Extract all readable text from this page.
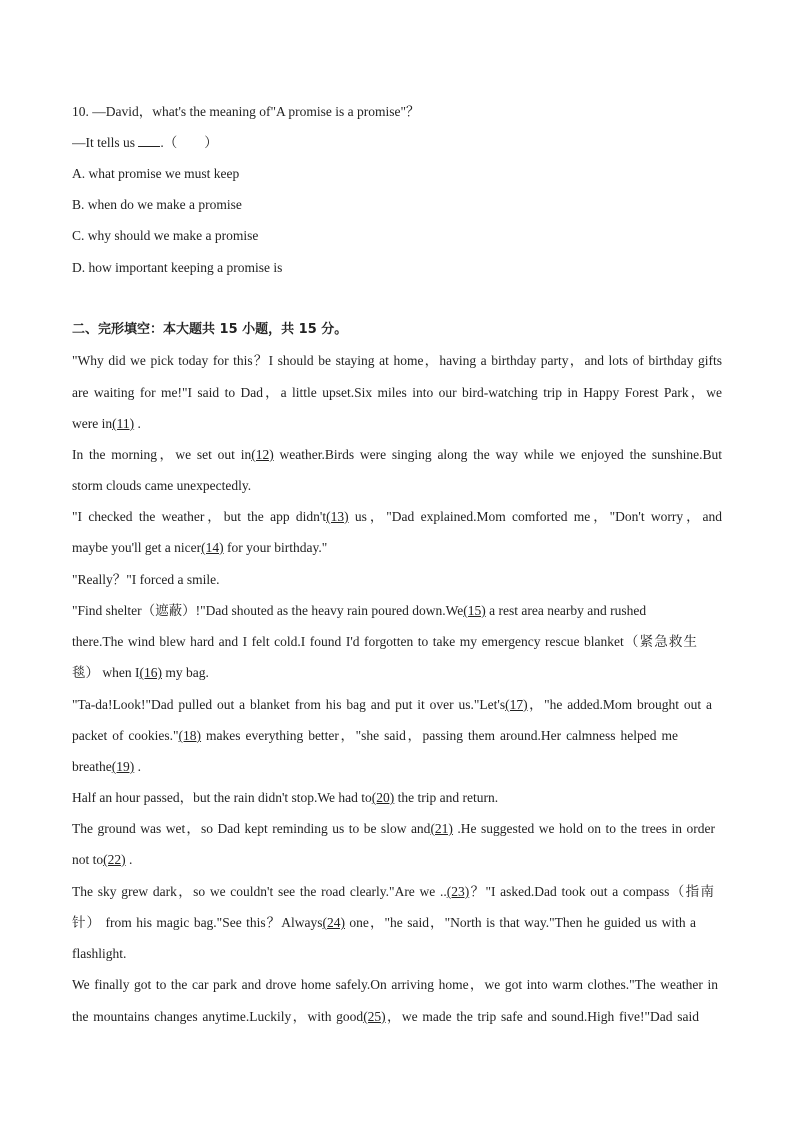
10. —David，what's the meaning of"A promise is a promise"？
—It tells us .（　　）
A. what promise we must keep
B. when do we make a promise
C. why should we make a promise
D. how important keeping a promise is
二、完形填空：本大题共 15 小题，共 15 分。
"Why did we pick today for this？I should be staying at home，having a birthday party，and lots of birthday gifts
are waiting for me!"I said to Dad，a little upset.Six miles into our bird-watching trip in Happy Forest Park，we
were in(11) .
In the morning，we set out in(12) weather.Birds were singing along the way while we enjoyed the sunshine.But
storm clouds came unexpectedly.
"I checked the weather，but the app didn't(13) us，"Dad explained.Mom comforted me，"Don't worry，and
maybe you'll get a nicer(14) for your birthday."
"Really？"I forced a smile.
"Find shelter（遮蔽）!"Dad shouted as the heavy rain poured down.We(15) a rest area nearby and rushed
there.The wind blew hard and I felt cold.I found I'd forgotten to take my emergency rescue blanket（紧急救生
毯） when I(16) my bag.
"Ta-da!Look!"Dad pulled out a blanket from his bag and put it over us."Let's(17)，"he added.Mom brought out a
packet of cookies."(18) makes everything better，"she said，passing them around.Her calmness helped me
breathe(19) .
Half an hour passed，but the rain didn't stop.We had to(20) the trip and return.
The ground was wet，so Dad kept reminding us to be slow and(21) .He suggested we hold on to the trees in order
not to(22) .
The sky grew dark，so we couldn't see the road clearly."Are we ..(23)？"I asked.Dad took out a compass（指南
针） from his magic bag."See this？Always(24) one，"he said，"North is that way."Then he guided us with a
flashlight.
We finally got to the car park and drove home safely.On arriving home，we got into warm clothes."The weather in
the mountains changes anytime.Luckily，with good(25)，we made the trip safe and sound.High five!"Dad said
